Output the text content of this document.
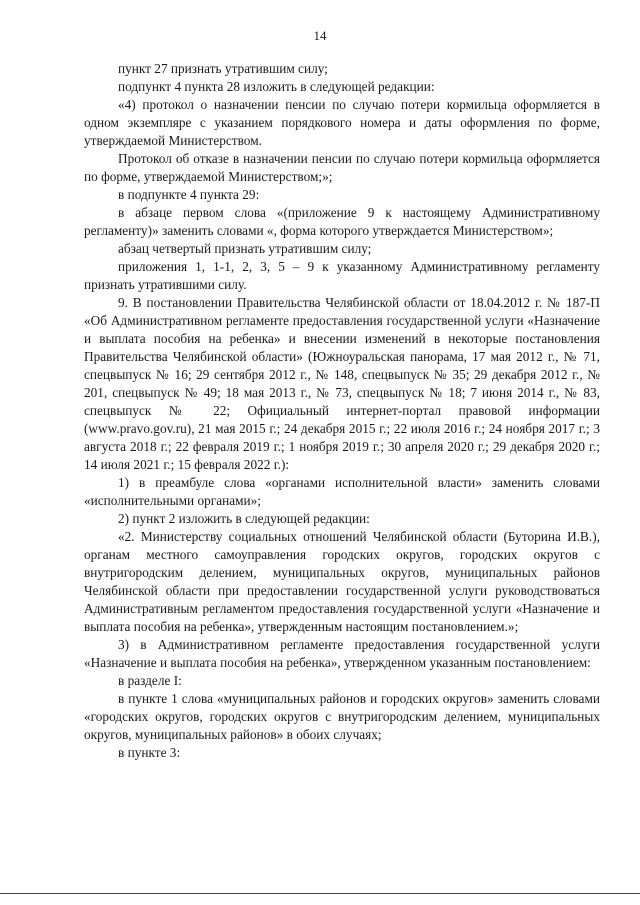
14

пункт 27 признать утратившим силу;

подпункт 4 пункта 28 изложить в следующей редакции:

«4) протокол о назначении пенсии по случаю потери кормильца оформляется в одном экземпляре с указанием порядкового номера и даты оформления по форме, утверждаемой Министерством.

Протокол об отказе в назначении пенсии по случаю потери кормильца оформляется по форме, утверждаемой Министерством;»;

в подпункте 4 пункта 29:

в абзаце первом слова «(приложение 9 к настоящему Административному регламенту)» заменить словами «, форма которого утверждается Министерством»;

абзац четвертый признать утратившим силу;

приложения 1, 1-1, 2, 3, 5 – 9 к указанному Административному регламенту признать утратившими силу.

9. В постановлении Правительства Челябинской области от 18.04.2012 г. № 187-П «Об Административном регламенте предоставления государственной услуги «Назначение и выплата пособия на ребенка» и внесении изменений в некоторые постановления Правительства Челябинской области» (Южноуральская панорама, 17 мая 2012 г., № 71, спецвыпуск № 16; 29 сентября 2012 г., № 148, спецвыпуск № 35; 29 декабря 2012 г., № 201, спецвыпуск № 49; 18 мая 2013 г., № 73, спецвыпуск № 18; 7 июня 2014 г., № 83, спецвыпуск № 22; Официальный интернет-портал правовой информации (www.pravo.gov.ru), 21 мая 2015 г.; 24 декабря 2015 г.; 22 июля 2016 г.; 24 ноября 2017 г.; 3 августа 2018 г.; 22 февраля 2019 г.; 1 ноября 2019 г.; 30 апреля 2020 г.; 29 декабря 2020 г.; 14 июля 2021 г.; 15 февраля 2022 г.):

1) в преамбуле слова «органами исполнительной власти» заменить словами «исполнительными органами»;

2) пункт 2 изложить в следующей редакции:

«2. Министерству социальных отношений Челябинской области (Буторина И.В.), органам местного самоуправления городских округов, городских округов с внутригородским делением, муниципальных округов, муниципальных районов Челябинской области при предоставлении государственной услуги руководствоваться Административным регламентом предоставления государственной услуги «Назначение и выплата пособия на ребенка», утвержденным настоящим постановлением.»;

3) в Административном регламенте предоставления государственной услуги «Назначение и выплата пособия на ребенка», утвержденном указанным постановлением:

в разделе I:

в пункте 1 слова «муниципальных районов и городских округов» заменить словами «городских округов, городских округов с внутригородским делением, муниципальных округов, муниципальных районов» в обоих случаях;

в пункте 3:
